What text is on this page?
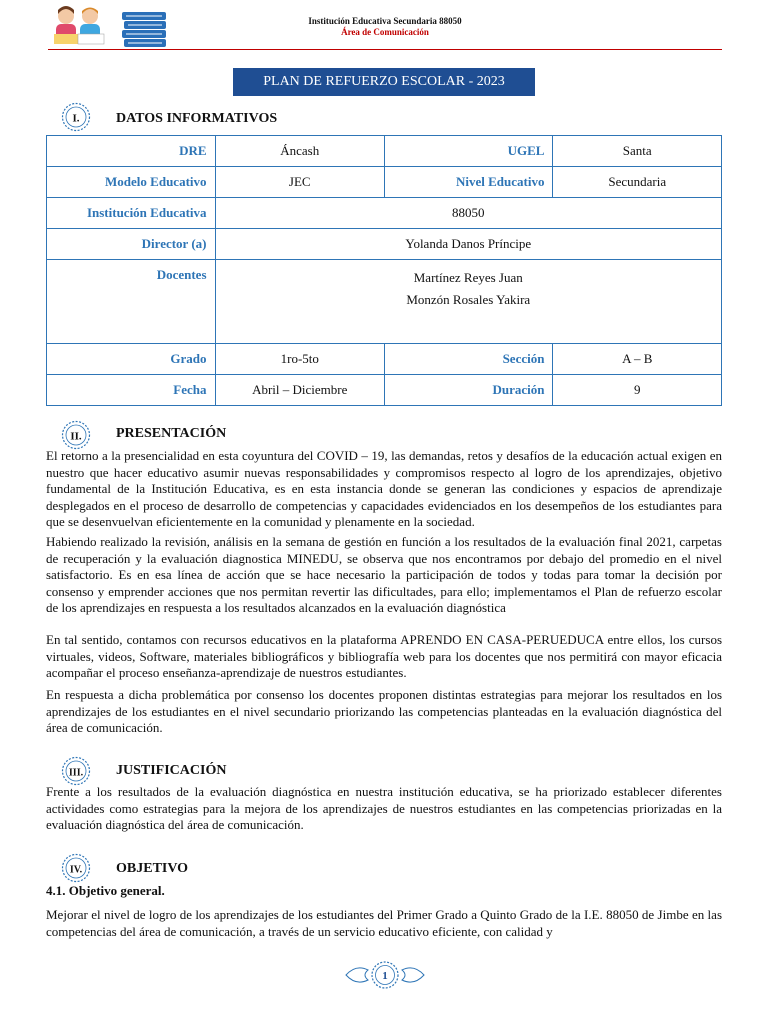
Institución Educativa Secundaria 88050
Área de Comunicación
PLAN DE REFUERZO ESCOLAR - 2023
I.	DATOS INFORMATIVOS
DRE	Áncash	UGEL	Santa
Modelo Educativo	JEC	Nivel Educativo	Secundaria
Institución Educativa	88050		
Director (a)	Yolanda Danos Príncipe		
Docentes	Martínez Reyes Juan
Monzón Rosales Yakira		

Grado	1ro-5to	Sección	A – B
Fecha	Abril – Diciembre	Duración	9
II. PRESENTACIÓN

El retorno a la presencialidad en esta coyuntura del COVID – 19, las demandas, retos y desafíos de la educación actual exigen en nuestro que hacer educativo asumir nuevas responsabilidades y compromisos respecto al logro de los aprendizajes, objetivo fundamental de la Institución Educativa, es en esta instancia donde se generan las condiciones y espacios de aprendizaje desplegados en el proceso de desarrollo de competencias y capacidades evidenciados en los desempeños de los estudiantes para que se desenvuelvan eficientemente en la comunidad y plenamente en la sociedad.

Habiendo realizado la revisión, análisis en la semana de gestión en función a los resultados de la evaluación final 2021, carpetas de recuperación y la evaluación diagnostica MINEDU, se observa que nos encontramos por debajo del promedio en el nivel satisfactorio. Es en esa línea de acción que se hace necesario la participación de todos y todas para tomar la decisión por consenso y emprender acciones que nos permitan revertir las dificultades, para ello; implementamos el Plan de refuerzo escolar de los aprendizajes en respuesta a los resultados alcanzados en la evaluación diagnóstica

En tal sentido, contamos con recursos educativos en la plataforma APRENDO EN CASA-PERUEDUCA entre ellos, los cursos virtuales, videos, Software, materiales bibliográficos y bibliografía web para los docentes que nos permitirá con mayor eficacia acompañar el proceso enseñanza-aprendizaje de nuestros estudiantes.

En respuesta a dicha problemática por consenso los docentes proponen distintas estrategias para mejorar los resultados en los aprendizajes de los estudiantes en el nivel secundario priorizando las competencias planteadas en la evaluación diagnóstica del área de comunicación.

III. JUSTIFICACIÓN

Frente a los resultados de la evaluación diagnóstica en nuestra institución educativa, se ha priorizado establecer diferentes actividades como estrategias para la mejora de los aprendizajes de nuestros estudiantes en las competencias priorizadas en la evaluación diagnóstica del área de comunicación.

IV. OBJETIVO
4.1. Objetivo general.

Mejorar el nivel de logro de los aprendizajes de los estudiantes del Primer Grado a Quinto Grado de la I.E. 88050 de Jimbe en las competencias del área de comunicación, a través de un servicio educativo eficiente, con calidad y

1
